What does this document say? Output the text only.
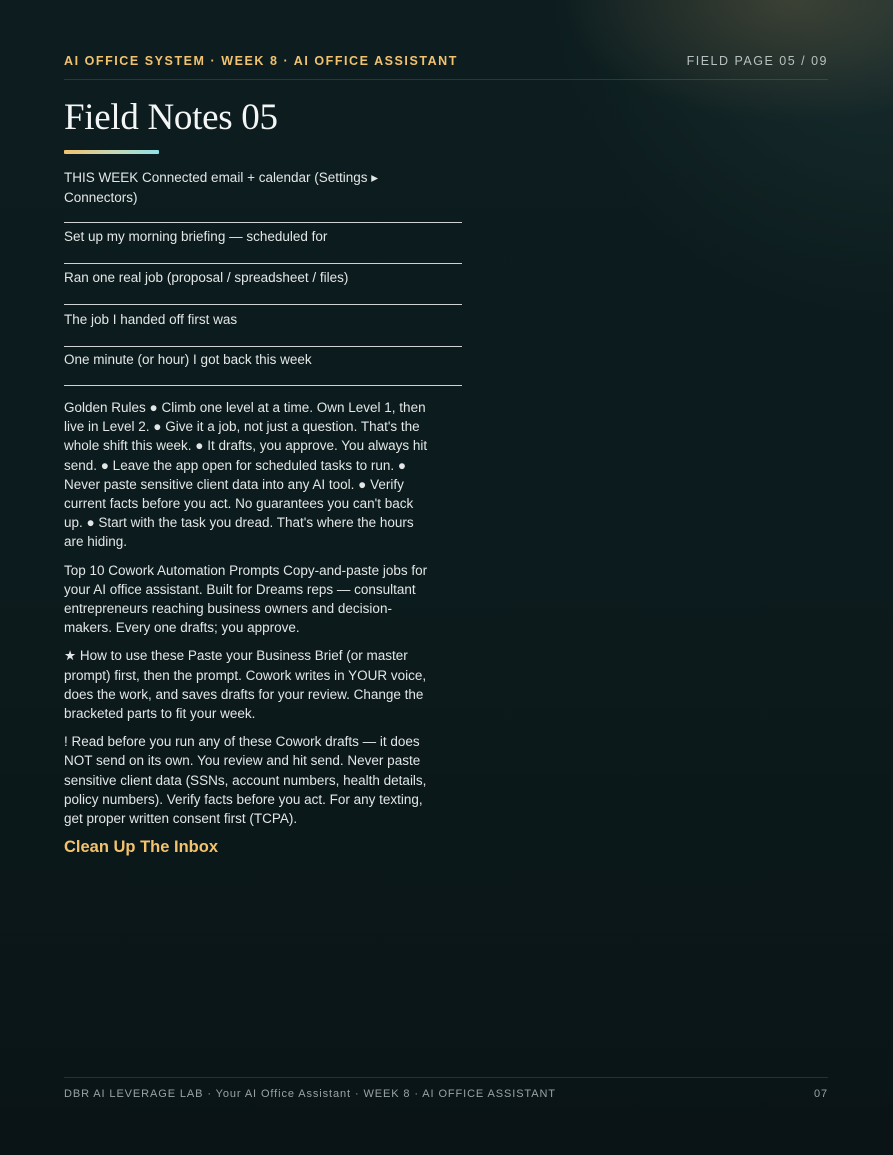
AI OFFICE SYSTEM · WEEK 8 · AI OFFICE ASSISTANT	FIELD PAGE 05 / 09
Field Notes 05
THIS WEEK Connected email + calendar (Settings ▸ Connectors)
Set up my morning briefing — scheduled for
Ran one real job (proposal / spreadsheet / files)
The job I handed off first was
One minute (or hour) I got back this week

Golden Rules ● Climb one level at a time. Own Level 1, then live in Level 2. ● Give it a job, not just a question. That's the whole shift this week. ● It drafts, you approve. You always hit send. ● Leave the app open for scheduled tasks to run. ● Never paste sensitive client data into any AI tool. ● Verify current facts before you act. No guarantees you can't back up. ● Start with the task you dread. That's where the hours are hiding.

Top 10 Cowork Automation Prompts Copy-and-paste jobs for your AI office assistant. Built for Dreams reps — consultant entrepreneurs reaching business owners and decision-makers. Every one drafts; you approve.

★ How to use these Paste your Business Brief (or master prompt) first, then the prompt. Cowork writes in YOUR voice, does the work, and saves drafts for your review. Change the bracketed parts to fit your week.

! Read before you run any of these Cowork drafts — it does NOT send on its own. You review and hit send. Never paste sensitive client data (SSNs, account numbers, health details, policy numbers). Verify facts before you act. For any texting, get proper written consent first (TCPA).

Clean Up The Inbox
DBR AI LEVERAGE LAB · Your AI Office Assistant · WEEK 8 · AI OFFICE ASSISTANT	07
